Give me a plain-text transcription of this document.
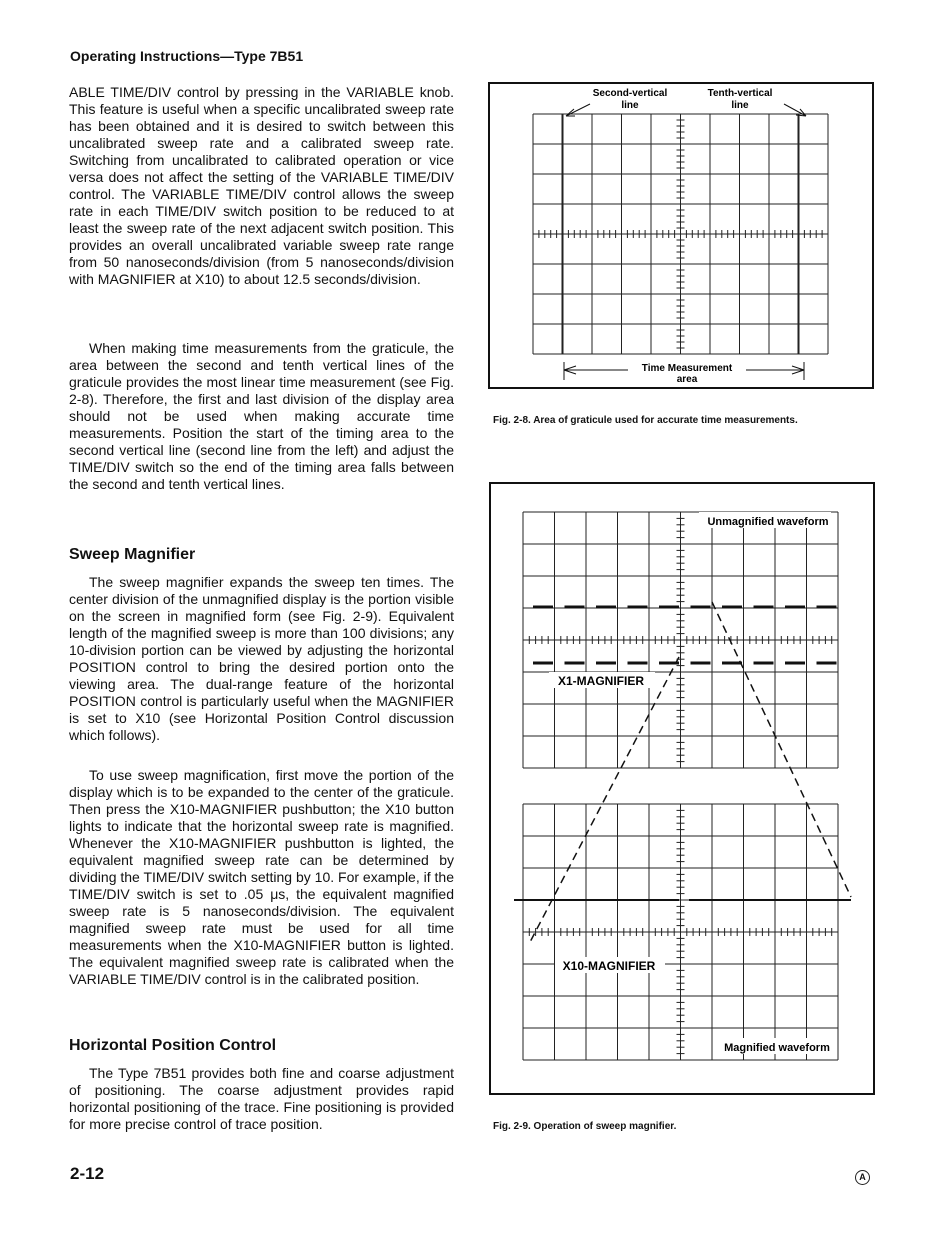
Operating Instructions—Type 7B51

ABLE TIME/DIV control by pressing in the VARIABLE knob. This feature is useful when a specific uncalibrated sweep rate has been obtained and it is desired to switch between this uncalibrated sweep rate and a calibrated sweep rate. Switching from uncalibrated to calibrated operation or vice versa does not affect the setting of the VARIABLE TIME/DIV control. The VARIABLE TIME/DIV control allows the sweep rate in each TIME/DIV switch position to be reduced to at least the sweep rate of the next adjacent switch position. This provides an overall uncalibrated variable sweep rate range from 50 nanoseconds/division (from 5 nanoseconds/division with MAGNIFIER at X10) to about 12.5 seconds/division.

When making time measurements from the graticule, the area between the second and tenth vertical lines of the graticule provides the most linear time measurement (see Fig. 2-8). Therefore, the first and last division of the display area should not be used when making accurate time measurements. Position the start of the timing area to the second vertical line (second line from the left) and adjust the TIME/DIV switch so the end of the timing area falls between the second and tenth vertical lines.

Sweep Magnifier

The sweep magnifier expands the sweep ten times. The center division of the unmagnified display is the portion visible on the screen in magnified form (see Fig. 2-9). Equivalent length of the magnified sweep is more than 100 divisions; any 10-division portion can be viewed by adjusting the horizontal POSITION control to bring the desired portion onto the viewing area. The dual-range feature of the horizontal POSITION control is particularly useful when the MAGNIFIER is set to X10 (see Horizontal Position Control discussion which follows).

To use sweep magnification, first move the portion of the display which is to be expanded to the center of the graticule. Then press the X10-MAGNIFIER pushbutton; the X10 button lights to indicate that the horizontal sweep rate is magnified. Whenever the X10-MAGNIFIER pushbutton is lighted, the equivalent magnified sweep rate can be determined by dividing the TIME/DIV switch setting by 10. For example, if the TIME/DIV switch is set to .05 μs, the equivalent magnified sweep rate is 5 nanoseconds/division. The equivalent magnified sweep rate must be used for all time measurements when the X10-MAGNIFIER button is lighted. The equivalent magnified sweep rate is calibrated when the VARIABLE TIME/DIV control is in the calibrated position.

Horizontal Position Control

The Type 7B51 provides both fine and coarse adjustment of positioning. The coarse adjustment provides rapid horizontal positioning of the trace. Fine positioning is provided for more precise control of trace position.

Second-vertical
line
Tenth-vertical
line
Time Measurement
area
Fig. 2-8. Area of graticule used for accurate time measurements.
Unmagnified waveform
X1-MAGNIFIER
X10-MAGNIFIER
Magnified waveform
Fig. 2-9. Operation of sweep magnifier.
2-12	A
